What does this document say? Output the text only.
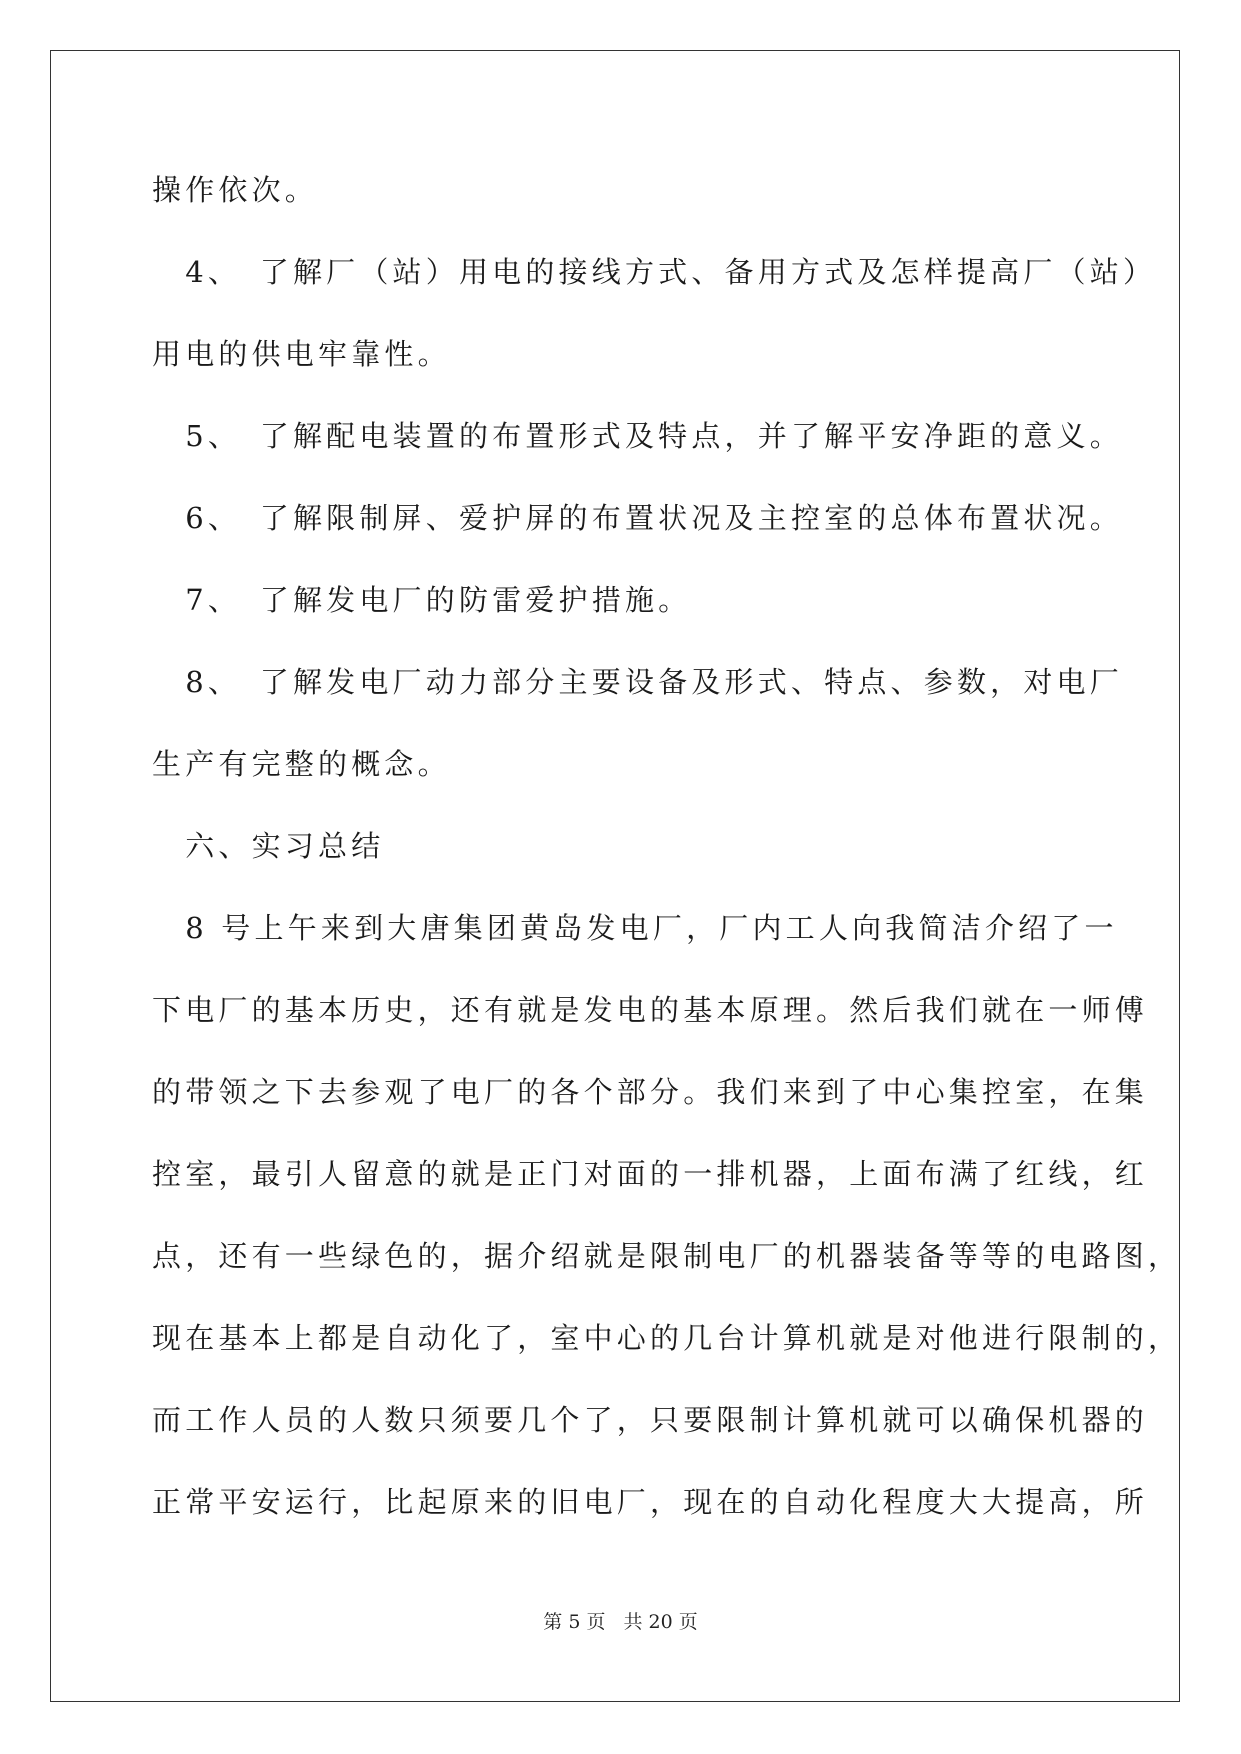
操作依次。
　4、　了解厂（站）用电的接线方式、备用方式及怎样提高厂（站）
用电的供电牢靠性。
　5、　了解配电装置的布置形式及特点，并了解平安净距的意义。
　6、　了解限制屏、爱护屏的布置状况及主控室的总体布置状况。
　7、　了解发电厂的防雷爱护措施。
　8、　了解发电厂动力部分主要设备及形式、特点、参数，对电厂
生产有完整的概念。
　六、实习总结
　8 号上午来到大唐集团黄岛发电厂，厂内工人向我简洁介绍了一
下电厂的基本历史，还有就是发电的基本原理。然后我们就在一师傅
的带领之下去参观了电厂的各个部分。我们来到了中心集控室，在集
控室，最引人留意的就是正门对面的一排机器，上面布满了红线，红
点，还有一些绿色的，据介绍就是限制电厂的机器装备等等的电路图，
现在基本上都是自动化了，室中心的几台计算机就是对他进行限制的，
而工作人员的人数只须要几个了，只要限制计算机就可以确保机器的
正常平安运行，比起原来的旧电厂，现在的自动化程度大大提高，所
第 5 页 共 20 页
